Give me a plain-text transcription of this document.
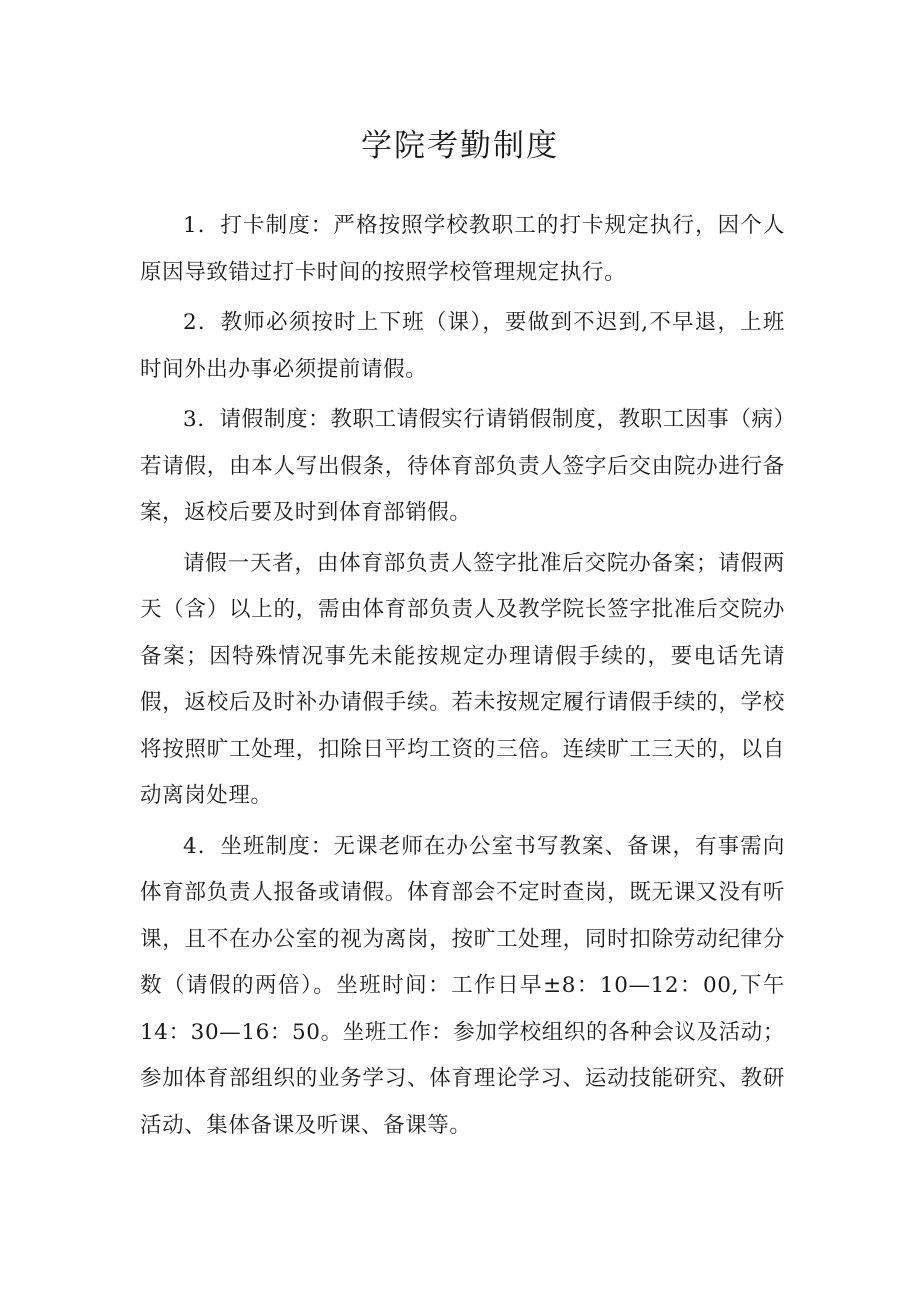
学院考勤制度

1．打卡制度：严格按照学校教职工的打卡规定执行，因个人原因导致错过打卡时间的按照学校管理规定执行。

2．教师必须按时上下班（课），要做到不迟到,不早退，上班时间外出办事必须提前请假。

3．请假制度：教职工请假实行请销假制度，教职工因事（病）若请假，由本人写出假条，待体育部负责人签字后交由院办进行备案，返校后要及时到体育部销假。

请假一天者，由体育部负责人签字批准后交院办备案；请假两天（含）以上的，需由体育部负责人及教学院长签字批准后交院办备案；因特殊情况事先未能按规定办理请假手续的，要电话先请假，返校后及时补办请假手续。若未按规定履行请假手续的，学校将按照旷工处理，扣除日平均工资的三倍。连续旷工三天的，以自动离岗处理。

4．坐班制度：无课老师在办公室书写教案、备课，有事需向体育部负责人报备或请假。体育部会不定时查岗，既无课又没有听课，且不在办公室的视为离岗，按旷工处理，同时扣除劳动纪律分数（请假的两倍）。坐班时间：工作日早±8：10—12：00,下午14：30—16：50。坐班工作：参加学校组织的各种会议及活动；参加体育部组织的业务学习、体育理论学习、运动技能研究、教研活动、集体备课及听课、备课等。
